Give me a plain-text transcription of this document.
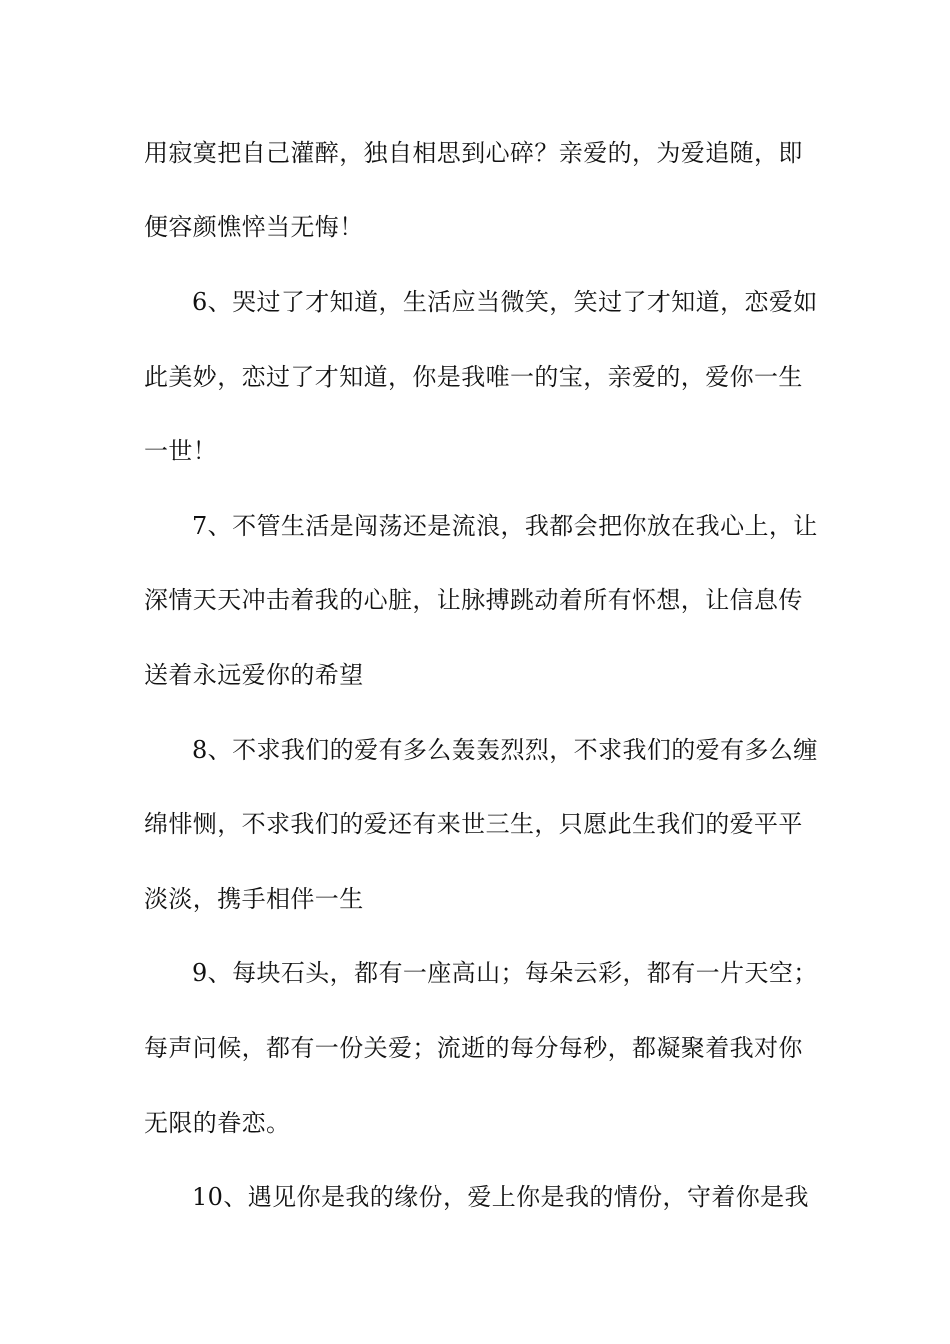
用寂寞把自己灌醉，独自相思到心碎？亲爱的，为爱追随，即
便容颜憔悴当无悔！
6、哭过了才知道，生活应当微笑，笑过了才知道，恋爱如
此美妙，恋过了才知道，你是我唯一的宝，亲爱的，爱你一生
一世！
7、不管生活是闯荡还是流浪，我都会把你放在我心上，让
深情天天冲击着我的心脏，让脉搏跳动着所有怀想，让信息传
送着永远爱你的希望
8、不求我们的爱有多么轰轰烈烈，不求我们的爱有多么缠
绵悱恻，不求我们的爱还有来世三生，只愿此生我们的爱平平
淡淡，携手相伴一生
9、每块石头，都有一座高山；每朵云彩，都有一片天空；
每声问候，都有一份关爱；流逝的每分每秒，都凝聚着我对你
无限的眷恋。
10、遇见你是我的缘份，爱上你是我的情份，守着你是我
